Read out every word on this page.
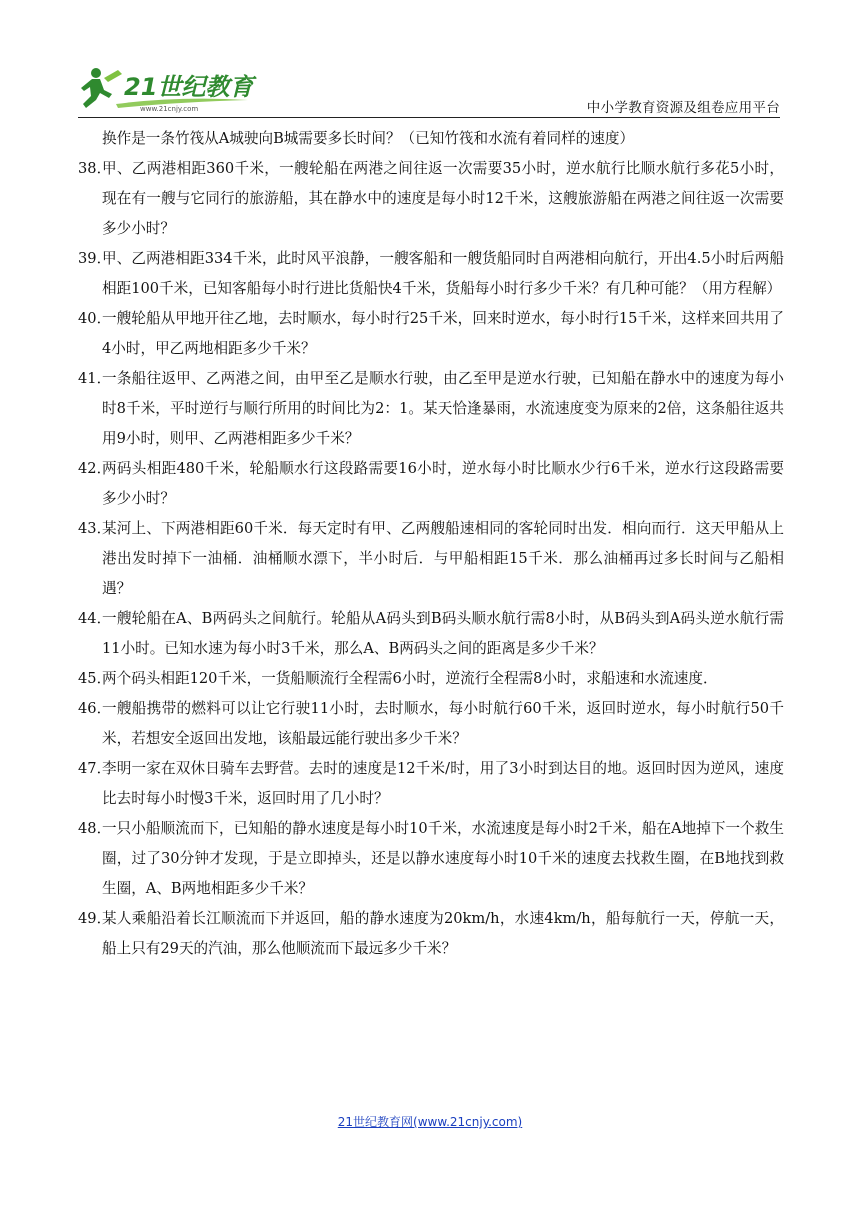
21世纪教育
www.21cnjy.com	中小学教育资源及组卷应用平台
换作是一条竹筏从A城驶向B城需要多长时间？（已知竹筏和水流有着同样的速度）
38．
甲、乙两港相距360千米，一艘轮船在两港之间往返一次需要35小时，逆水航行比顺水航行多花5小时，现在有一艘与它同行的旅游船，其在静水中的速度是每小时12千米，这艘旅游船在两港之间往返一次需要多少小时？
39．
甲、乙两港相距334千米，此时风平浪静，一艘客船和一艘货船同时自两港相向航行，开出4.5小时后两船相距100千米，已知客船每小时行进比货船快4千米，货船每小时行多少千米？有几种可能？（用方程解）
40．
一艘轮船从甲地开往乙地，去时顺水，每小时行25千米，回来时逆水，每小时行15千米，这样来回共用了4小时，甲乙两地相距多少千米？
41．
一条船往返甲、乙两港之间，由甲至乙是顺水行驶，由乙至甲是逆水行驶，已知船在静水中的速度为每小时8千米，平时逆行与顺行所用的时间比为2：1。某天恰逢暴雨，水流速度变为原来的2倍，这条船往返共用9小时，则甲、乙两港相距多少千米？
42．
两码头相距480千米，轮船顺水行这段路需要16小时，逆水每小时比顺水少行6千米，逆水行这段路需要多少小时？
43．
某河上、下两港相距60千米．每天定时有甲、乙两艘船速相同的客轮同时出发．相向而行．这天甲船从上港出发时掉下一油桶．油桶顺水漂下，半小时后．与甲船相距15千米．那么油桶再过多长时间与乙船相遇？
44．
一艘轮船在A、B两码头之间航行。轮船从A码头到B码头顺水航行需8小时，从B码头到A码头逆水航行需11小时。已知水速为每小时3千米，那么A、B两码头之间的距离是多少千米？
45．
两个码头相距120千米，一货船顺流行全程需6小时，逆流行全程需8小时，求船速和水流速度．
46．
一艘船携带的燃料可以让它行驶11小时，去时顺水，每小时航行60千米，返回时逆水，每小时航行50千米，若想安全返回出发地，该船最远能行驶出多少千米？
47．
李明一家在双休日骑车去野营。去时的速度是12千米/时，用了3小时到达目的地。返回时因为逆风，速度比去时每小时慢3千米，返回时用了几小时？
48．
一只小船顺流而下，已知船的静水速度是每小时10千米，水流速度是每小时2千米，船在A地掉下一个救生圈，过了30分钟才发现，于是立即掉头，还是以静水速度每小时10千米的速度去找救生圈，在B地找到救生圈，A、B两地相距多少千米？
49．
某人乘船沿着长江顺流而下并返回，船的静水速度为20km/h，水速4km/h，船每航行一天，停航一天，船上只有29天的汽油，那么他顺流而下最远多少千米？
21世纪教育网(www.21cnjy.com)
